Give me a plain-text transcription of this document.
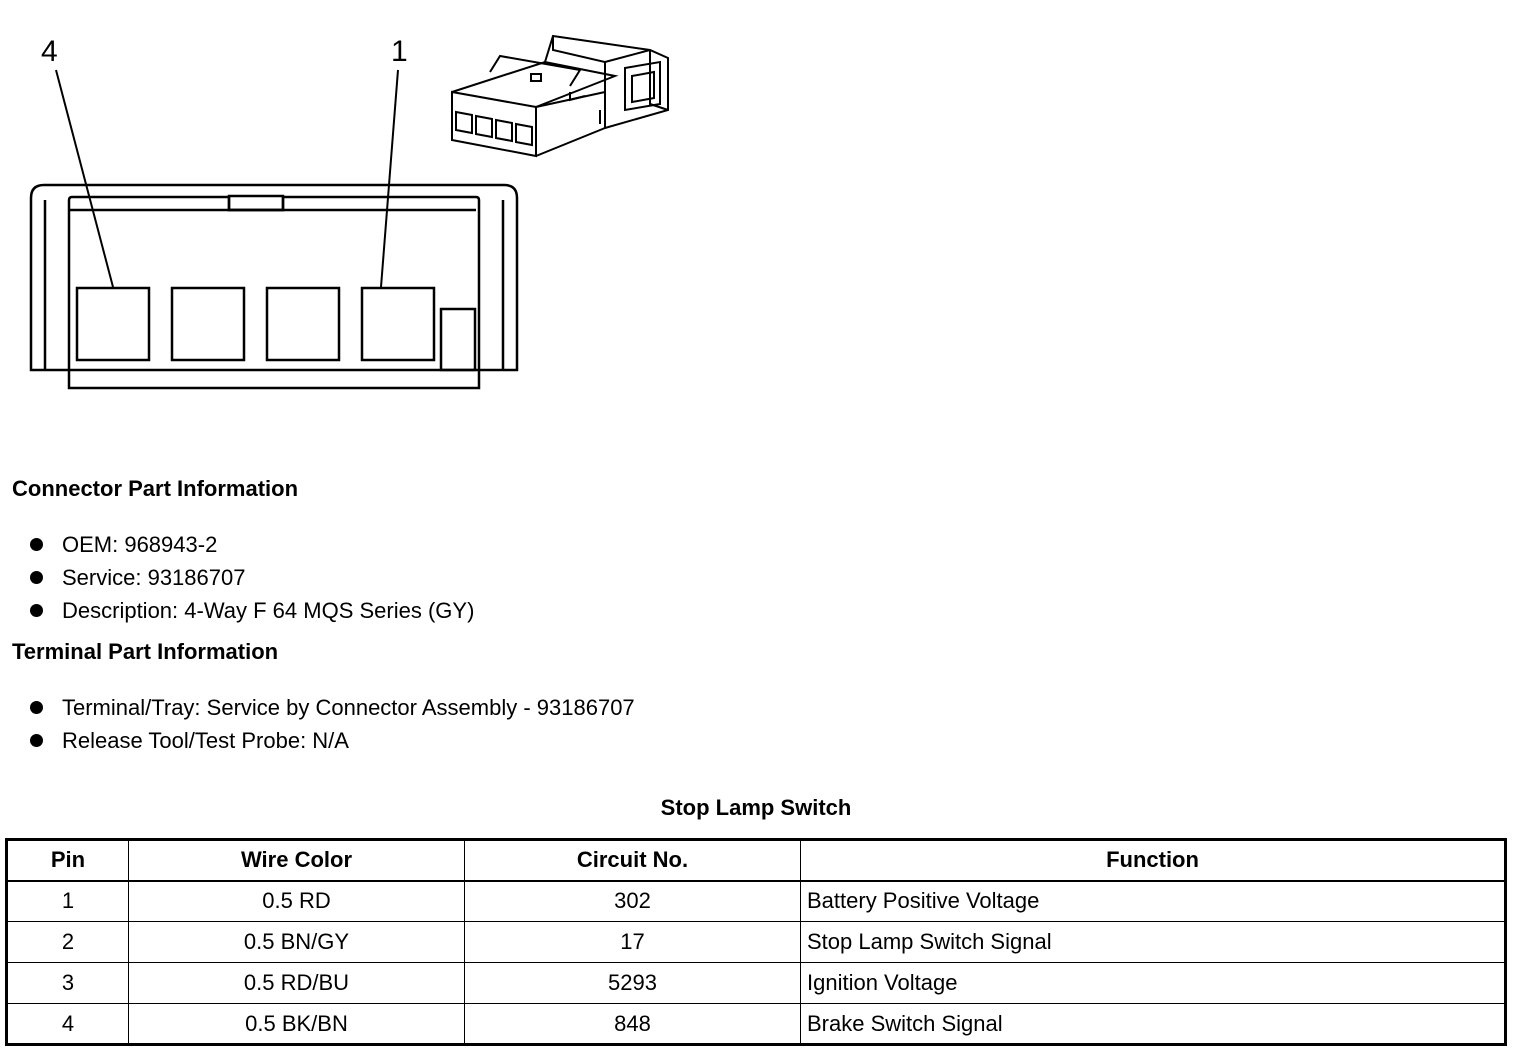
4	1
Connector Part Information
OEM: 968943-2
Service: 93186707
Description: 4-Way F 64 MQS Series (GY)
Terminal Part Information
Terminal/Tray: Service by Connector Assembly - 93186707
Release Tool/Test Probe: N/A
Stop Lamp Switch
Pin	Wire Color	Circuit No.	Function
1	0.5 RD	302	Battery Positive Voltage
2	0.5 BN/GY	17	Stop Lamp Switch Signal
3	0.5 RD/BU	5293	Ignition Voltage
4	0.5 BK/BN	848	Brake Switch Signal
